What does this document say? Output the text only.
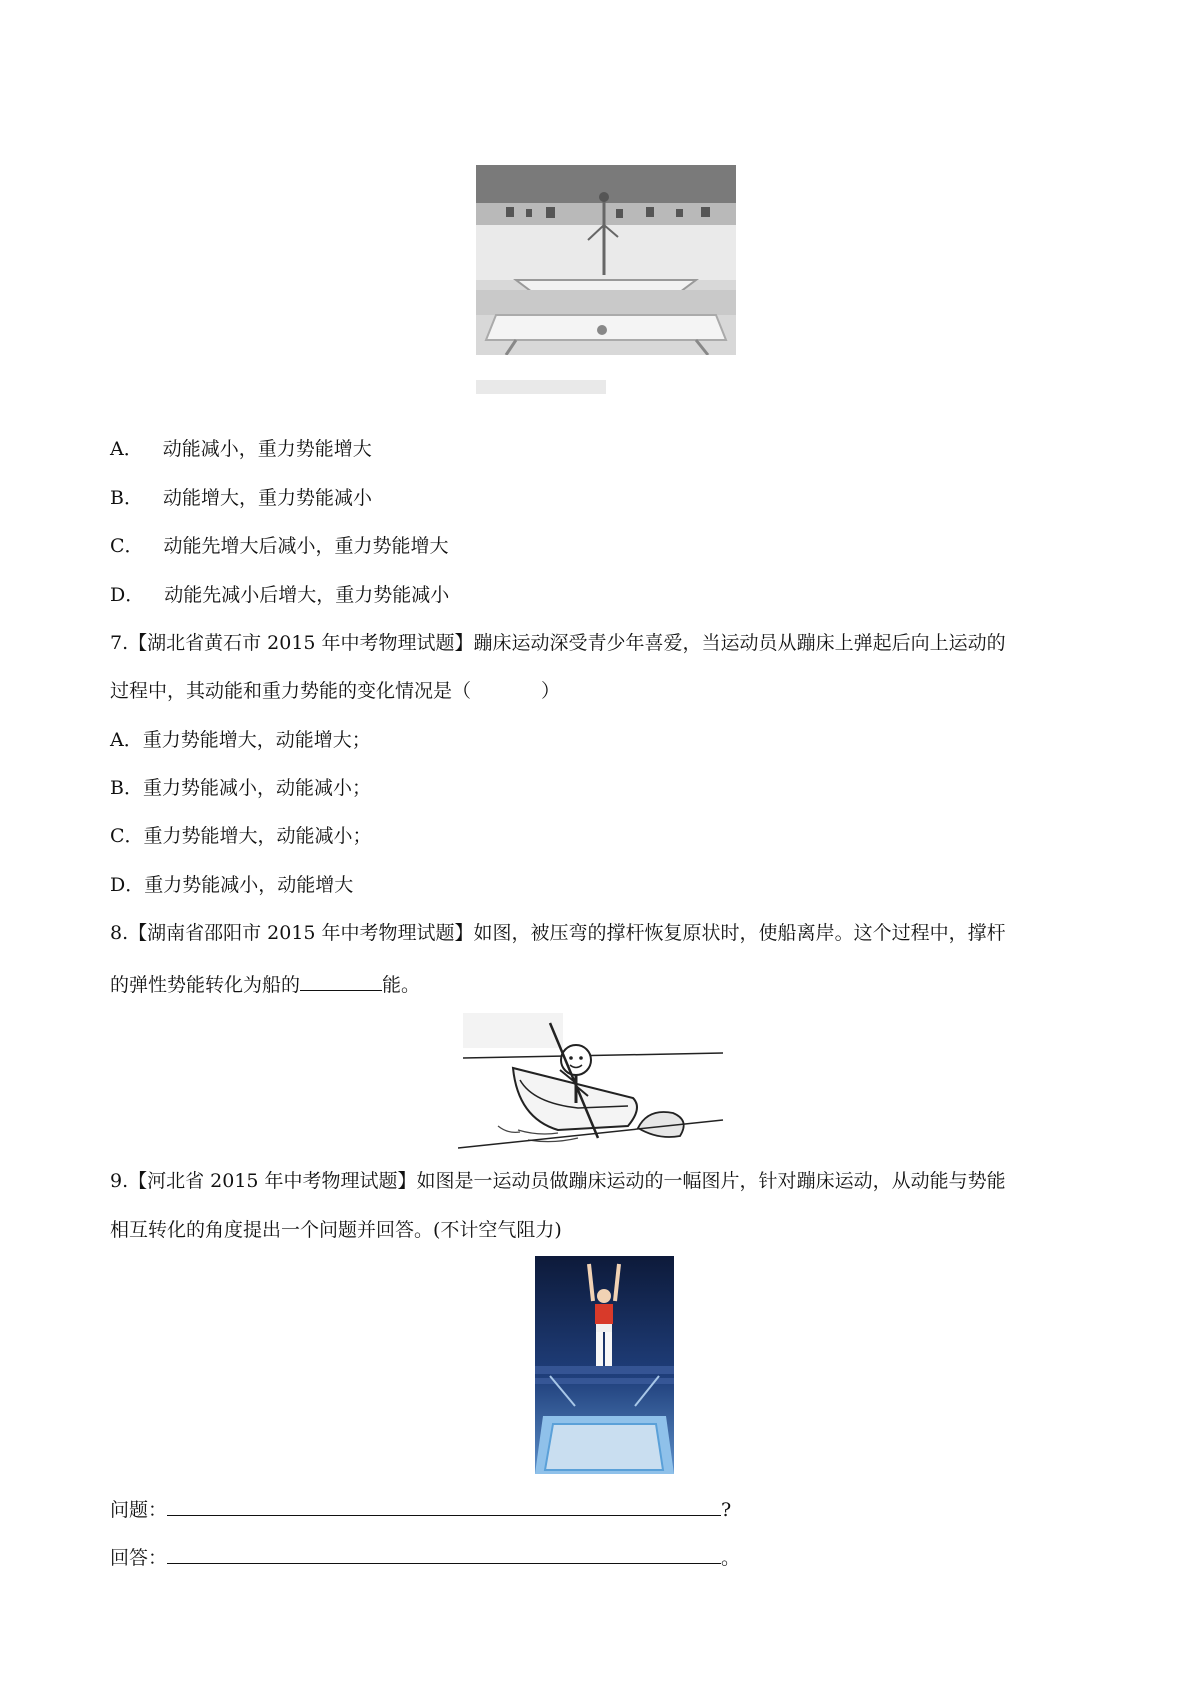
A． 动能减小，重力势能增大
B． 动能增大，重力势能减小
C． 动能先增大后减小，重力势能增大
D． 动能先减小后增大，重力势能减小
7.【湖北省黄石市 2015 年中考物理试题】蹦床运动深受青少年喜爱，当运动员从蹦床上弹起后向上运动的
过程中，其动能和重力势能的变化情况是（	）
A．重力势能增大，动能增大；
B．重力势能减小，动能减小；
C．重力势能增大，动能减小；
D．重力势能减小，动能增大
8.【湖南省邵阳市 2015 年中考物理试题】如图，被压弯的撑杆恢复原状时，使船离岸。这个过程中，撑杆
的弹性势能转化为船的	能。
9.【河北省 2015 年中考物理试题】如图是一运动员做蹦床运动的一幅图片，针对蹦床运动，从动能与势能
相互转化的角度提出一个问题并回答。(不计空气阻力)
问题：	?
回答：	。
